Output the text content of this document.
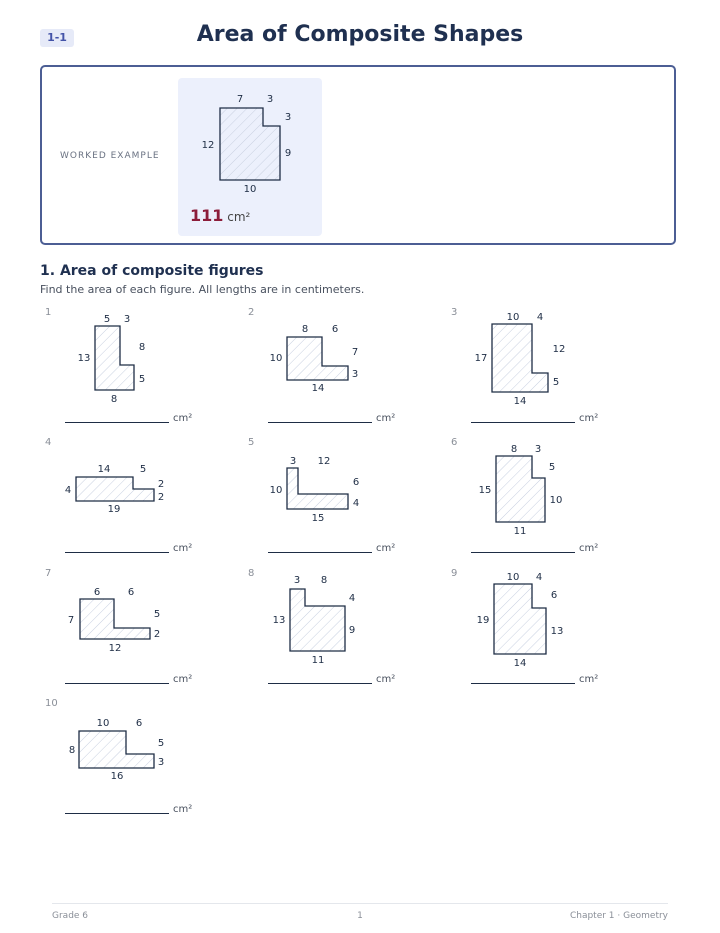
1-1	Area of Composite Shapes
WORKED EXAMPLE
7 3
3
12
9
10
111 cm²
1. Area of composite figures
Find the area of each figure. All lengths are in centimeters.
1
5 3
13
8
5
8
cm²
2
8 6
10
7
3
14
cm²
3	10 4
17
12
5
14
cm²
4
14	5
4
2
2
19
cm²
5
3 12
10
6
4
15
cm²
6
8 3
15
5
10
11
cm²
7
6	6
7
5
2
12
cm²
8
3 8
13
4
9
11
cm²
9	10 4
19
6
13
14
cm²
10
10	6
8
5
3
16
cm²
Grade 6	1	Chapter 1 · Geometry
